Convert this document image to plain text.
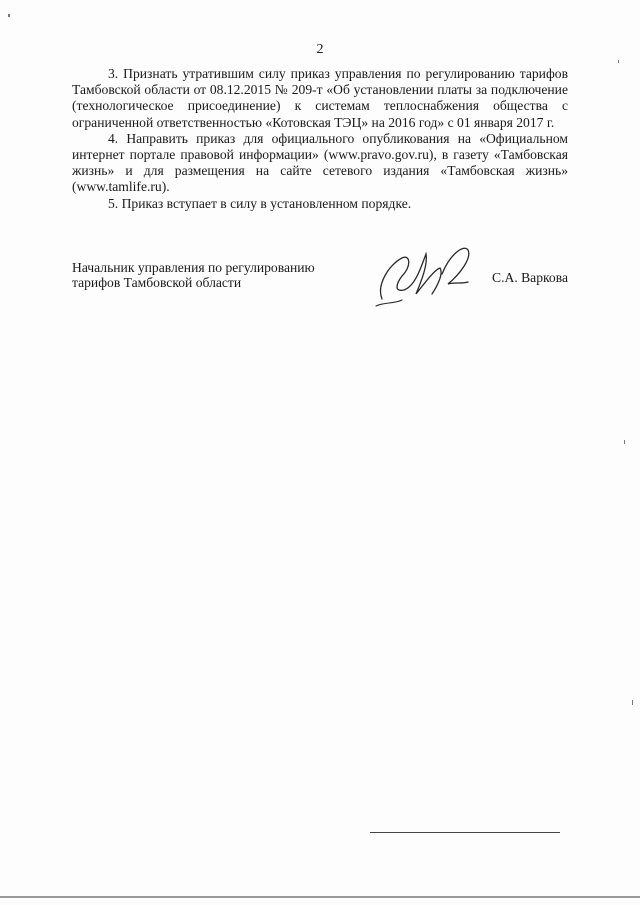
2

3. Признать утратившим силу приказ управления по регулированию тарифов Тамбовской области от 08.12.2015 № 209-т «Об установлении платы за подключение (технологическое присоединение) к системам теплоснабжения общества с ограниченной ответственностью «Котовская ТЭЦ» на 2016 год» с 01 января 2017 г.

4. Направить приказ для официального опубликования на «Официальном интернет портале правовой информации» (www.pravo.gov.ru), в газету «Тамбовская жизнь» и для размещения на сайте сетевого издания «Тамбовская жизнь» (www.tamlife.ru).

5. Приказ вступает в силу в установленном порядке.

Начальник управления по регулированию
тарифов Тамбовской области	С.А. Варкова
